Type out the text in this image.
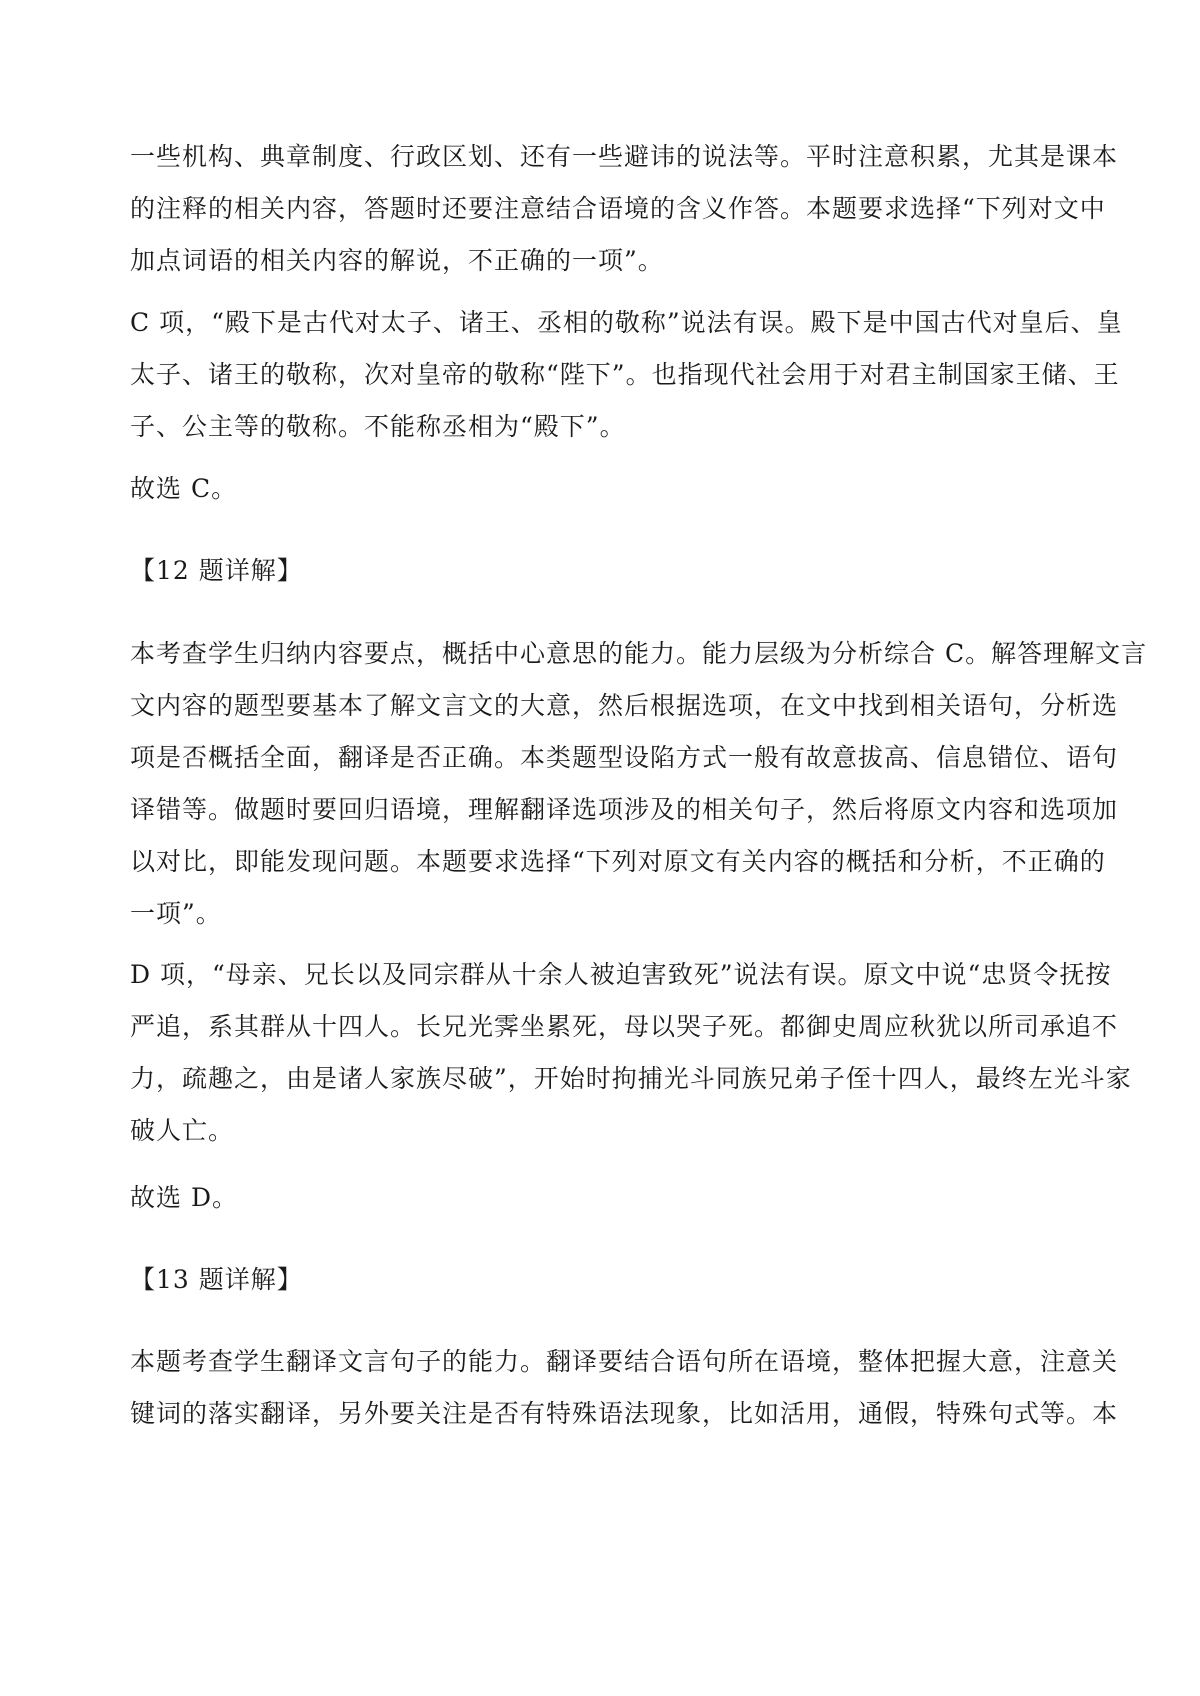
一些机构、典章制度、行政区划、还有一些避讳的说法等。平时注意积累，尤其是课本
的注释的相关内容，答题时还要注意结合语境的含义作答。本题要求选择“下列对文中
加点词语的相关内容的解说，不正确的一项”。
C 项，“殿下是古代对太子、诸王、丞相的敬称”说法有误。殿下是中国古代对皇后、皇
太子、诸王的敬称，次对皇帝的敬称“陛下”。也指现代社会用于对君主制国家王储、王
子、公主等的敬称。不能称丞相为“殿下”。
故选 C。
【12 题详解】
本考查学生归纳内容要点，概括中心意思的能力。能力层级为分析综合 C。解答理解文言
文内容的题型要基本了解文言文的大意，然后根据选项，在文中找到相关语句，分析选
项是否概括全面，翻译是否正确。本类题型设陷方式一般有故意拔高、信息错位、语句
译错等。做题时要回归语境，理解翻译选项涉及的相关句子，然后将原文内容和选项加
以对比，即能发现问题。本题要求选择“下列对原文有关内容的概括和分析，不正确的
一项”。
D 项，“母亲、兄长以及同宗群从十余人被迫害致死”说法有误。原文中说“忠贤令抚按
严追，系其群从十四人。长兄光霁坐累死，母以哭子死。都御史周应秋犹以所司承追不
力，疏趣之，由是诸人家族尽破”，开始时拘捕光斗同族兄弟子侄十四人，最终左光斗家
破人亡。
故选 D。
【13 题详解】
本题考查学生翻译文言句子的能力。翻译要结合语句所在语境，整体把握大意，注意关
键词的落实翻译，另外要关注是否有特殊语法现象，比如活用，通假，特殊句式等。本
